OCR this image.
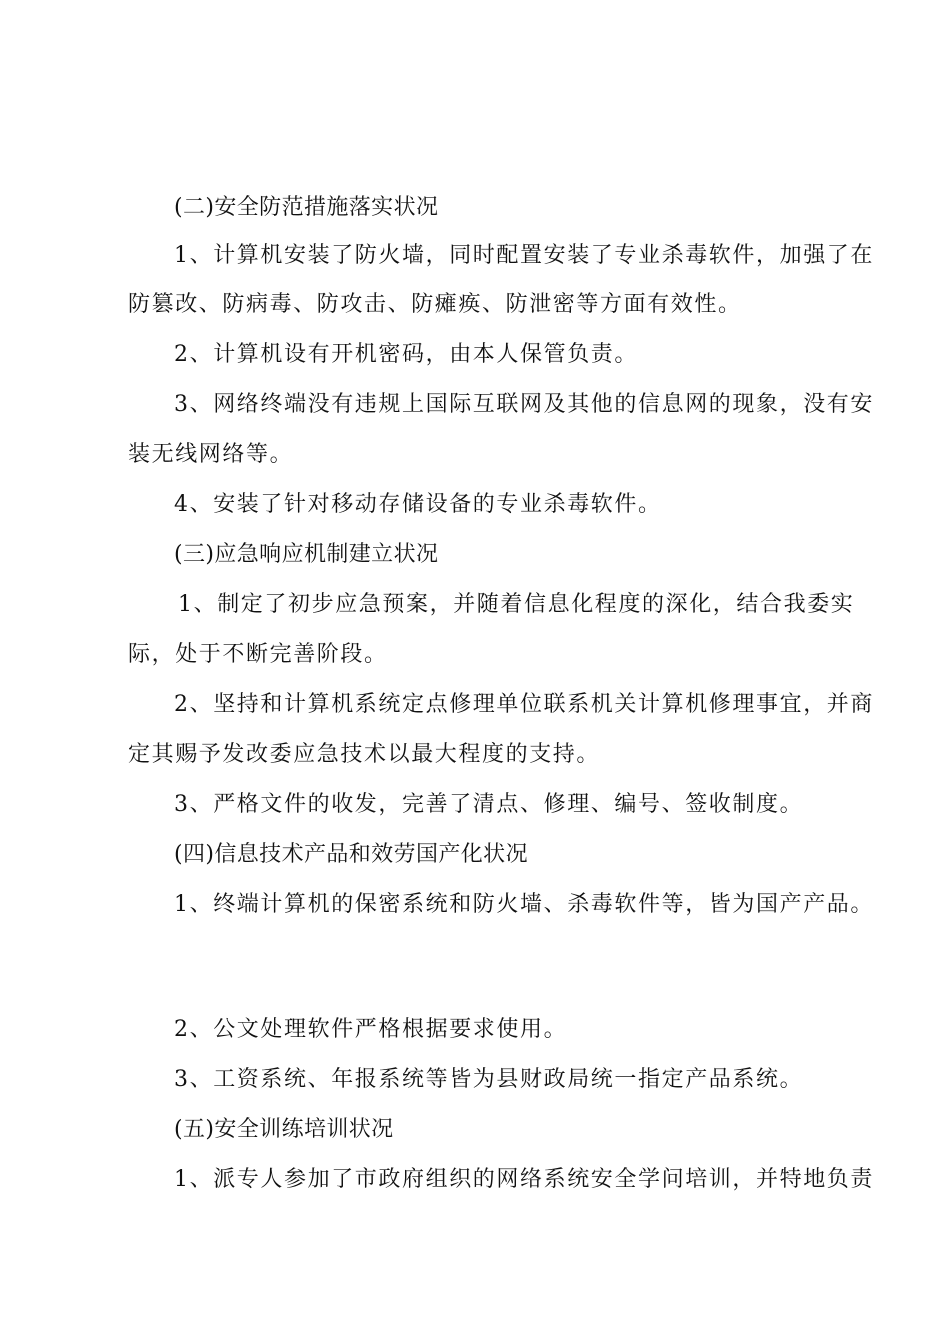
(二)安全防范措施落实状况
1、计算机安装了防火墙，同时配置安装了专业杀毒软件，加强了在
防篡改、防病毒、防攻击、防瘫痪、防泄密等方面有效性。
2、计算机设有开机密码，由本人保管负责。
3、网络终端没有违规上国际互联网及其他的信息网的现象，没有安
装无线网络等。
4、安装了针对移动存储设备的专业杀毒软件。
(三)应急响应机制建立状况
1、制定了初步应急预案，并随着信息化程度的深化，结合我委实
际，处于不断完善阶段。
2、坚持和计算机系统定点修理单位联系机关计算机修理事宜，并商
定其赐予发改委应急技术以最大程度的支持。
3、严格文件的收发，完善了清点、修理、编号、签收制度。
(四)信息技术产品和效劳国产化状况
1、终端计算机的保密系统和防火墙、杀毒软件等，皆为国产产品。
2、公文处理软件严格根据要求使用。
3、工资系统、年报系统等皆为县财政局统一指定产品系统。
(五)安全训练培训状况
1、派专人参加了市政府组织的网络系统安全学问培训，并特地负责
